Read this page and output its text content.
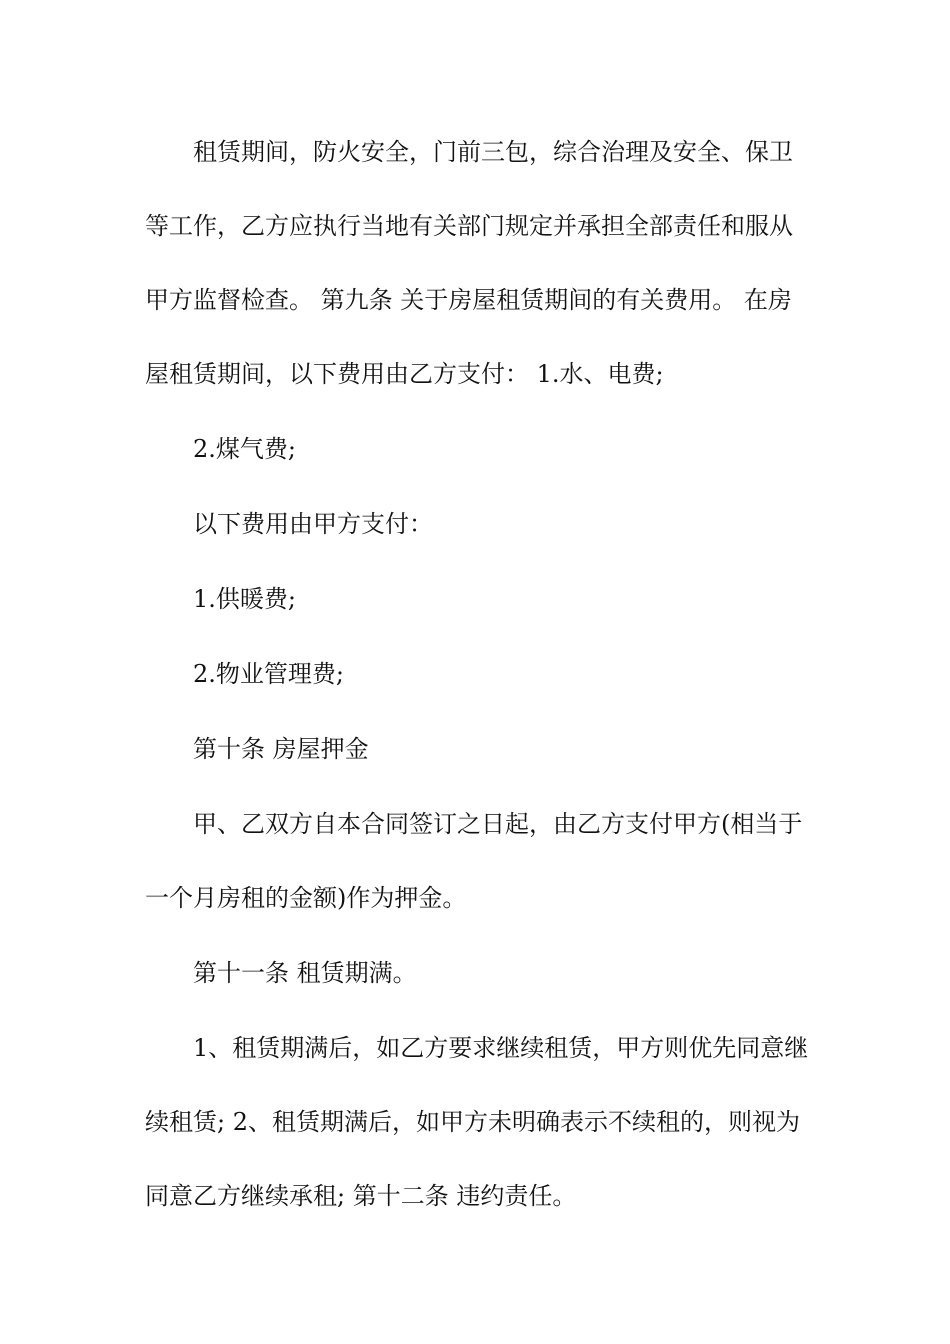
租赁期间，防火安全，门前三包，综合治理及安全、保卫
等工作，乙方应执行当地有关部门规定并承担全部责任和服从
甲方监督检查。 第九条 关于房屋租赁期间的有关费用。 在房
屋租赁期间，以下费用由乙方支付： 1.水、电费;
2.煤气费;
以下费用由甲方支付：
1.供暖费;
2.物业管理费;
第十条 房屋押金
甲、乙双方自本合同签订之日起，由乙方支付甲方(相当于
一个月房租的金额)作为押金。
第十一条 租赁期满。
1、租赁期满后，如乙方要求继续租赁，甲方则优先同意继
续租赁; 2、租赁期满后，如甲方未明确表示不续租的，则视为
同意乙方继续承租; 第十二条 违约责任。
